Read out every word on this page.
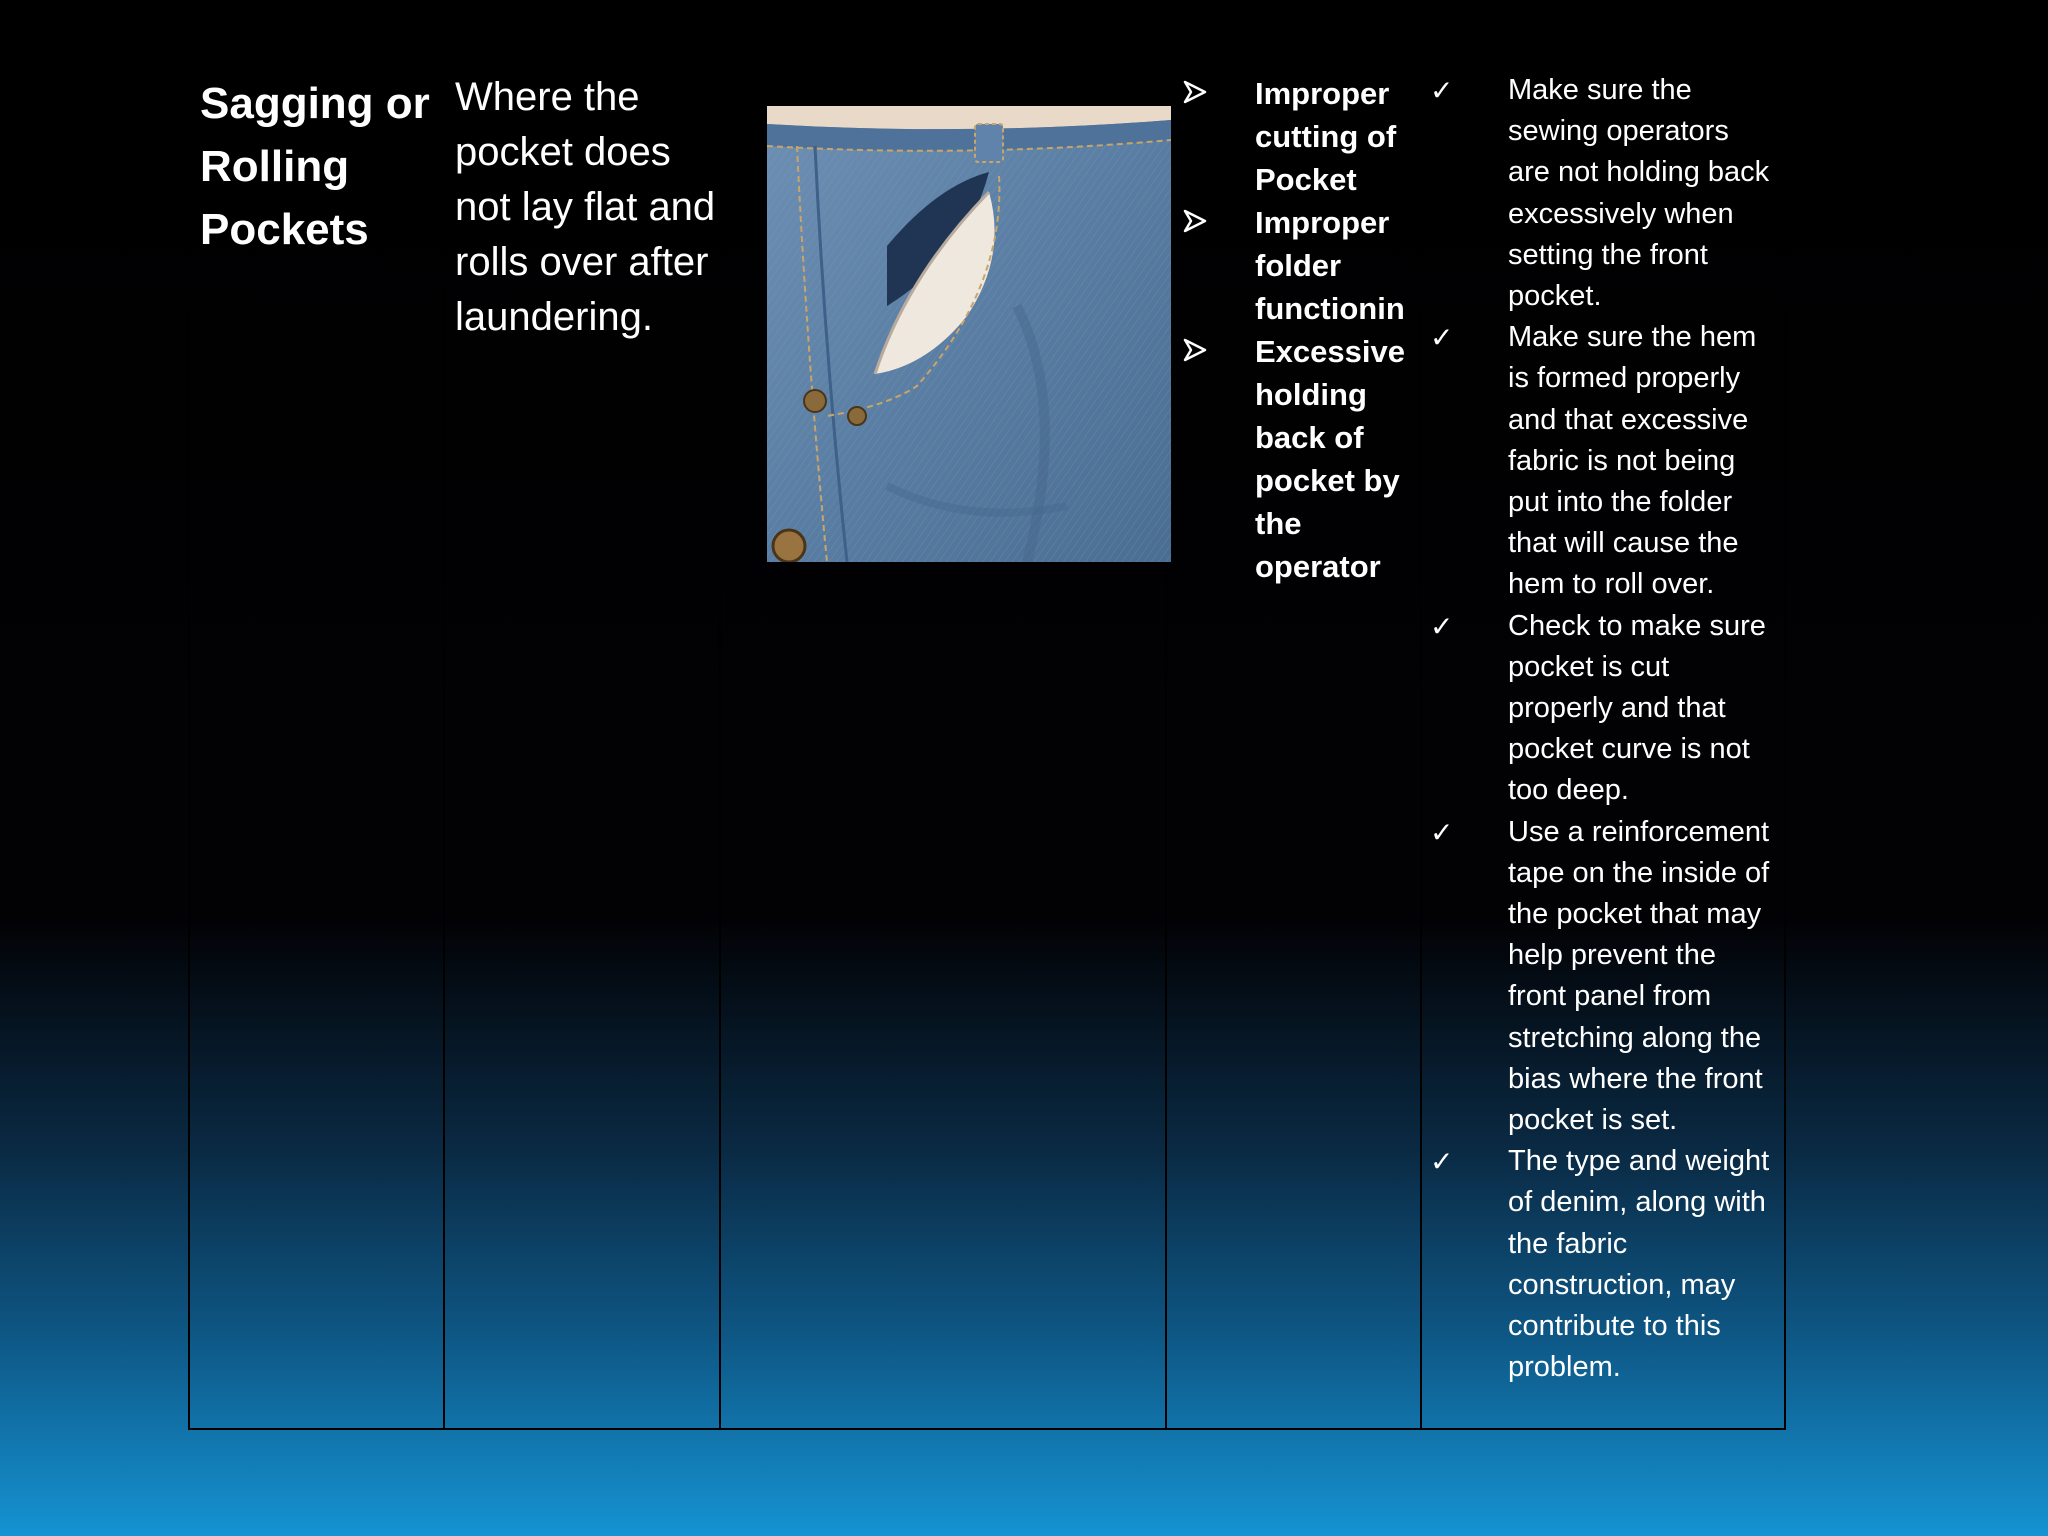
Sagging or Rolling Pockets

Where the pocket does not lay flat and rolls over after laundering.

Improper cutting of Pocket
Improper folder functionin
Excessive holding back of pocket by the operator

✓ Make sure the sewing operators are not holding back excessively when setting the front pocket.
✓ Make sure the hem is formed properly and that excessive fabric is not being put into the folder that will cause the hem to roll over.
✓ Check to make sure pocket is cut properly and that pocket curve is not too deep.
✓ Use a reinforcement tape on the inside of the pocket that may help prevent the front panel from stretching along the bias where the front pocket is set.
✓ The type and weight of denim, along with the fabric construction, may contribute to this problem.
